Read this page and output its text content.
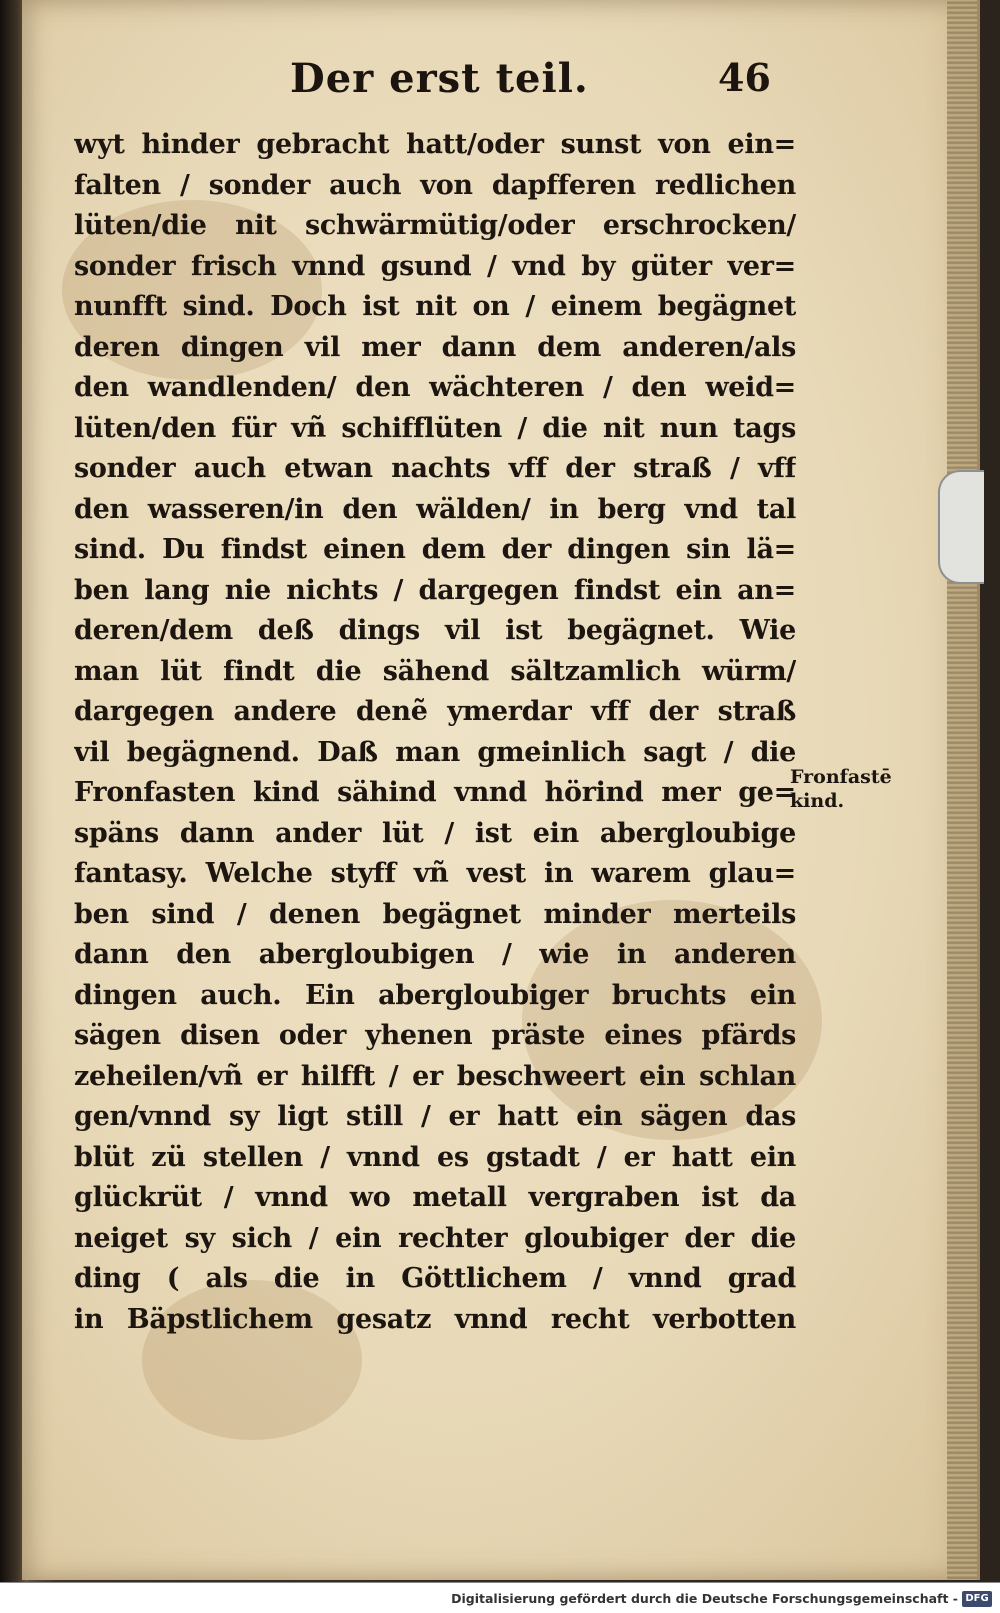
Der erst teil.	46
wyt hinder gebracht hatt/oder sunst von ein=
falten / sonder auch von dapfferen redlichen
lüten/die nit schwärmütig/oder erschrocken/
sonder frisch vnnd gsund / vnd by güter ver=
nunfft sind. Doch ist nit on / einem begägnet
deren dingen vil mer dann dem anderen/als
den wandlenden/ den wächteren / den weid=
lüten/den für vñ schifflüten / die nit nun tags
sonder auch etwan nachts vff der straß / vff
den wasseren/in den wälden/ in berg vnd tal
sind. Du findst einen dem der dingen sin lä=
ben lang nie nichts / dargegen findst ein an=
deren/dem deß dings vil ist begägnet. Wie
man lüt findt die sähend sältzamlich würm/
dargegen andere denẽ ymerdar vff der straß
vil begägnend. Daß man gmeinlich sagt / die
Fronfasten kind sähind vnnd hörind mer ge=
späns dann ander lüt / ist ein abergloubige
fantasy. Welche styff vñ vest in warem glau=
ben sind / denen begägnet minder merteils
dann den abergloubigen / wie in anderen
dingen auch. Ein abergloubiger bruchts ein
sägen disen oder yhenen präste eines pfärds
zeheilen/vñ er hilfft / er beschweert ein schlan
gen/vnnd sy ligt still / er hatt ein sägen das
blüt zü stellen / vnnd es gstadt / er hatt ein
glückrüt / vnnd wo metall vergraben ist da
neiget sy sich / ein rechter gloubiger der die
ding ( als die in Göttlichem / vnnd grad
in Bäpstlichem gesatz vnnd recht verbotten
Fronfastē
kind.
Digitalisierung gefördert durch die Deutsche Forschungsgemeinschaft - DFG
